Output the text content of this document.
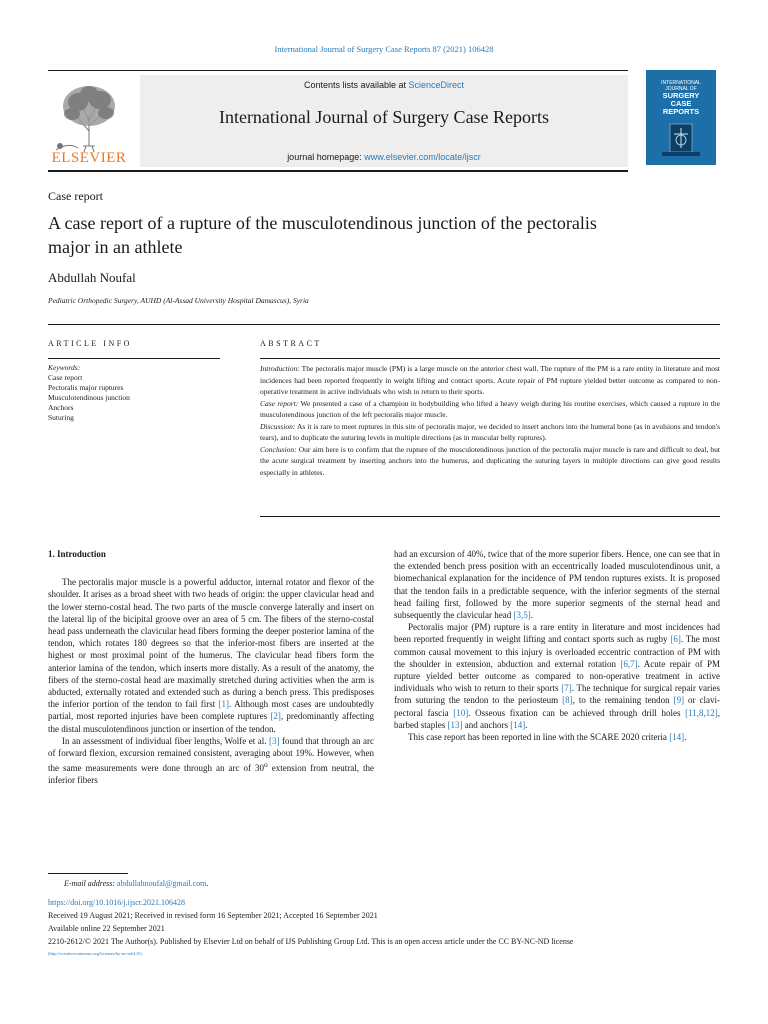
International Journal of Surgery Case Reports 87 (2021) 106428
ELSEVIER
Contents lists available at ScienceDirect
International Journal of Surgery Case Reports
journal homepage: www.elsevier.com/locate/ijscr
INTERNATIONAL JOURNAL OF
SURGERY
CASE
REPORTS
Case report
A case report of a rupture of the musculotendinous junction of the pectoralis major in an athlete
Abdullah Noufal
Pediatric Orthopedic Surgery, AUHD (Al-Assad University Hospital Damascus), Syria
ARTICLE INFO	ABSTRACT
Keywords:
Case report
Pectoralis major ruptures
Musculotendinous junction
Anchors
Suturing

Introduction: The pectoralis major muscle (PM) is a large muscle on the anterior chest wall. The rupture of the PM is a rare entity in literature and most incidences had been reported frequently in weight lifting and contact sports. Acute repair of PM rupture yielded better outcome as compared to non-operative treatment in active individuals who wish to return to their sports.

Case report: We presented a case of a champion in bodybuilding who lifted a heavy weigh during his routine exercises, which caused a rupture in the musculotendinous junction of the left pectoralis major muscle.

Discussion: As it is rare to meet ruptures in this site of pectoralis major, we decided to insert anchors into the humeral bone (as in avulsions and tendon's tears), and to duplicate the suturing levels in multiple directions (as in muscular belly ruptures).

Conclusion: Our aim here is to confirm that the rupture of the musculotendinous junction of the pectoralis major muscle is rare and difficult to deal, but the acute surgical treatment by inserting anchors into the humerus, and duplicating the suturing layers in multiple directions can give good results especially in athletes.

1. Introduction

The pectoralis major muscle is a powerful adductor, internal rotator and flexor of the shoulder. It arises as a broad sheet with two heads of origin: the upper clavicular head and the lower sterno-costal head. The two parts of the muscle converge laterally and insert on the lateral lip of the bicipital groove over an area of 5 cm. The fibers of the sterno-costal head pass underneath the clavicular head fibers forming the deeper posterior lamina of the tendon, which rotates 180 degrees so that the inferior-most fibers are inserted at the highest or most proximal point of the humerus. The clavicular head fibers form the anterior lamina of the tendon, which inserts more distally. As a result of the anatomy, the fibers of the sterno-costal head are maximally stretched during activities when the arm is abducted, externally rotated and extended such as during a bench press. This predisposes the inferior portion of the tendon to fail first [1]. Although most cases are undoubtedly partial, most reported injuries have been complete ruptures [2], predominantly affecting the distal musculotendinous junction or insertion of the tendon.

In an assessment of individual fiber lengths, Wolfe et al. [3] found that through an arc of forward flexion, excursion remained consistent, averaging about 19%. However, when the same measurements were done through an arc of 30$^o$ extension from neutral, the inferior fibers

had an excursion of 40%, twice that of the more superior fibers. Hence, one can see that in the extended bench press position with an eccentrically loaded musculotendinous unit, a biomechanical explanation for the incidence of PM tendon ruptures exists. It is proposed that the tendon fails in a predictable sequence, with the inferior segments of the sternal head failing first, followed by the more superior segments of the sternal head and subsequently the clavicular head [3,5].

Pectoralis major (PM) rupture is a rare entity in literature and most incidences had been reported frequently in weight lifting and contact sports such as rugby [6]. The most common causal movement to this injury is overloaded eccentric contraction of PM with the shoulder in extension, abduction and external rotation [6,7]. Acute repair of PM rupture yielded better outcome as compared to non-operative treatment in active individuals who wish to return to their sports [7]. The technique for surgical repair varies from suturing the tendon to the periosteum [8], to the remaining tendon [9] or clavi-pectoral fascia [10]. Osseous fixation can be achieved through drill holes [11,8,12], barbed staples [13] and anchors [14].

This case report has been reported in line with the SCARE 2020 criteria [14].

E-mail address: abdullahnoufal@gmail.com.
https://doi.org/10.1016/j.ijscr.2021.106428
Received 19 August 2021; Received in revised form 16 September 2021; Accepted 16 September 2021
Available online 22 September 2021
2210-2612/© 2021 The Author(s). Published by Elsevier Ltd on behalf of IJS Publishing Group Ltd. This is an open access article under the CC BY-NC-ND license
(http://creativecommons.org/licenses/by-nc-nd/4.0/).
